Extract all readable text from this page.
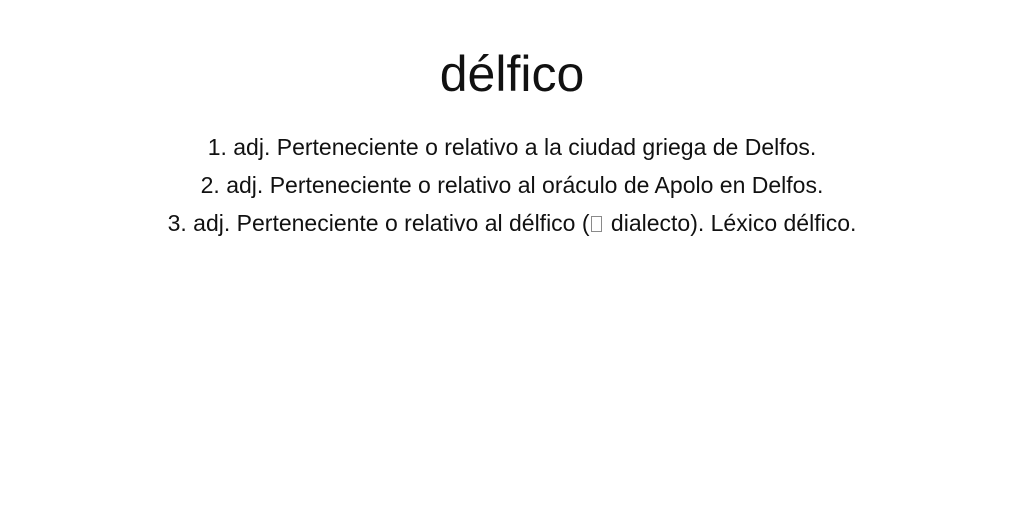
délfico
1. adj. Perteneciente o relativo a la ciudad griega de Delfos.
2. adj. Perteneciente o relativo al oráculo de Apolo en Delfos.
3. adj. Perteneciente o relativo al délfico ( dialecto). Léxico délfico.
